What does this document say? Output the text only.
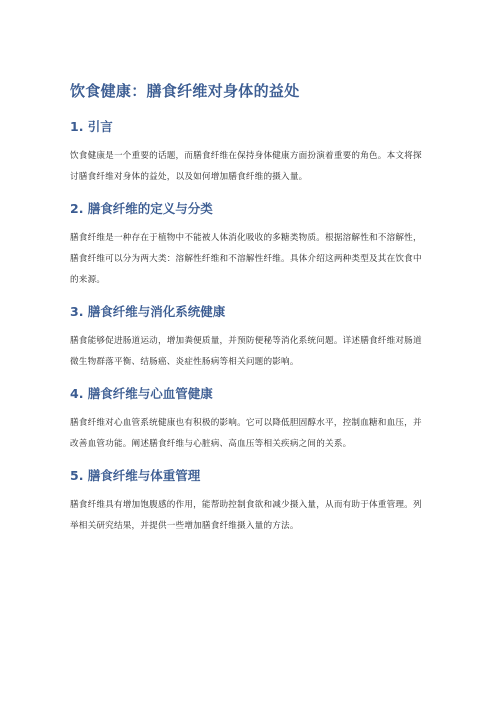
饮食健康：膳食纤维对身体的益处
1. 引言

饮食健康是一个重要的话题，而膳食纤维在保持身体健康方面扮演着重要的角色。本文将探讨膳食纤维对身体的益处，以及如何增加膳食纤维的摄入量。

2. 膳食纤维的定义与分类

膳食纤维是一种存在于植物中不能被人体消化吸收的多糖类物质。根据溶解性和不溶解性，膳食纤维可以分为两大类：溶解性纤维和不溶解性纤维。具体介绍这两种类型及其在饮食中的来源。

3. 膳食纤维与消化系统健康

膳食能够促进肠道运动，增加粪便质量，并预防便秘等消化系统问题。详述膳食纤维对肠道微生物群落平衡、结肠癌、炎症性肠病等相关问题的影响。

4. 膳食纤维与心血管健康

膳食纤维对心血管系统健康也有积极的影响。它可以降低胆固醇水平，控制血糖和血压，并改善血管功能。阐述膳食纤维与心脏病、高血压等相关疾病之间的关系。

5. 膳食纤维与体重管理

膳食纤维具有增加饱腹感的作用，能帮助控制食欲和减少摄入量，从而有助于体重管理。列举相关研究结果，并提供一些增加膳食纤维摄入量的方法。
